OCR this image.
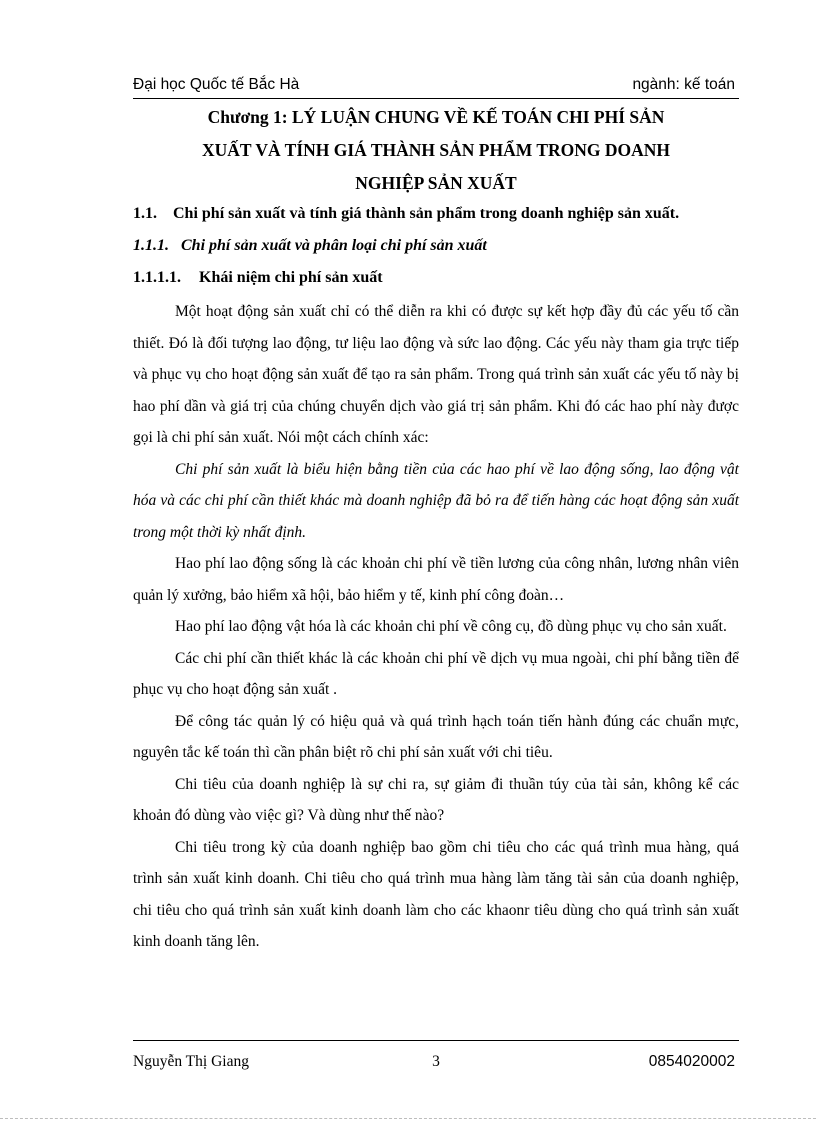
Đại học Quốc tế Bắc Hà	ngành: kế toán
Chương 1: LÝ LUẬN CHUNG VỀ KẾ TOÁN CHI PHÍ SẢN
XUẤT VÀ TÍNH GIÁ THÀNH SẢN PHẨM TRONG DOANH
NGHIỆP SẢN XUẤT
1.1. Chi phí sản xuất và tính giá thành sản phẩm trong doanh nghiệp sản xuất.
1.1.1. Chi phí sản xuất và phân loại chi phí sản xuất
1.1.1.1. Khái niệm chi phí sản xuất

Một hoạt động sản xuất chỉ có thể diễn ra khi có được sự kết hợp đầy đủ các yếu tố cần thiết. Đó là đối tượng lao động, tư liệu lao động và sức lao động. Các yếu này tham gia trực tiếp và phục vụ cho hoạt động sản xuất để tạo ra sản phẩm. Trong quá trình sản xuất các yếu tố này bị hao phí dần và giá trị của chúng chuyển dịch vào giá trị sản phẩm. Khi đó các hao phí này được gọi là chi phí sản xuất. Nói một cách chính xác:

Chi phí sản xuất là biểu hiện bằng tiền của các hao phí về lao động sống, lao động vật hóa và các chi phí cần thiết khác mà doanh nghiệp đã bỏ ra để tiến hàng các hoạt động sản xuất trong một thời kỳ nhất định.

Hao phí lao động sống là các khoản chi phí về tiền lương của công nhân, lương nhân viên quản lý xưởng, bảo hiểm xã hội, bảo hiểm y tế, kinh phí công đoàn…

Hao phí lao động vật hóa là các khoản chi phí về công cụ, đồ dùng phục vụ cho sản xuất.

Các chi phí cần thiết khác là các khoản chi phí về dịch vụ mua ngoài, chi phí bằng tiền để phục vụ cho hoạt động sản xuất .

Để công tác quản lý có hiệu quả và quá trình hạch toán tiến hành đúng các chuẩn mực, nguyên tắc kế toán thì cần phân biệt rõ chi phí sản xuất với chi tiêu.

Chi tiêu của doanh nghiệp là sự chi ra, sự giảm đi thuần túy của tài sản, không kể các khoản đó dùng vào việc gì? Và dùng như thế nào?

Chi tiêu trong kỳ của doanh nghiệp bao gồm chi tiêu cho các quá trình mua hàng, quá trình sản xuất kinh doanh. Chi tiêu cho quá trình mua hàng làm tăng tài sản của doanh nghiệp, chi tiêu cho quá trình sản xuất kinh doanh làm cho các khaonr tiêu dùng cho quá trình sản xuất kinh doanh tăng lên.

Nguyễn Thị Giang	3	0854020002
